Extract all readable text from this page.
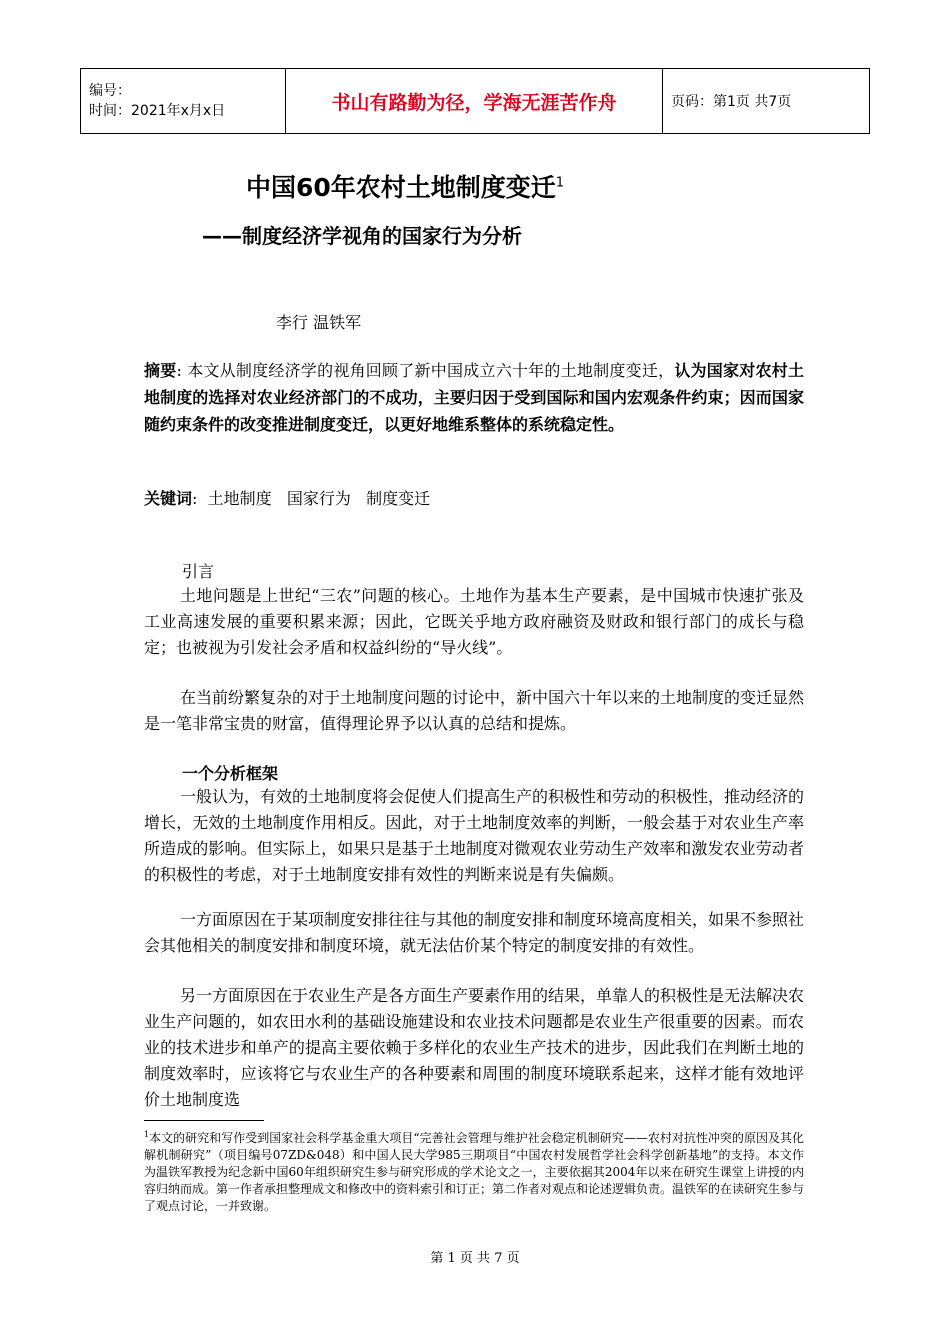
编号：
时间：2021年x月x日	书山有路勤为径，学海无涯苦作舟	页码：第1页 共7页
中国60年农村土地制度变迁$^1$
——制度经济学视角的国家行为分析
李行 温铁军
摘要: 本文从制度经济学的视角回顾了新中国成立六十年的土地制度变迁，认为国家对农村土地制度的选择对农业经济部门的不成功，主要归因于受到国际和国内宏观条件约束；因而国家随约束条件的改变推进制度变迁，以更好地维系整体的系统稳定性。
关键词:  土地制度   国家行为   制度变迁
引言
土地问题是上世纪“三农”问题的核心。土地作为基本生产要素，是中国城市快速扩张及工业高速发展的重要积累来源；因此，它既关乎地方政府融资及财政和银行部门的成长与稳定；也被视为引发社会矛盾和权益纠纷的“导火线”。
在当前纷繁复杂的对于土地制度问题的讨论中，新中国六十年以来的土地制度的变迁显然是一笔非常宝贵的财富，值得理论界予以认真的总结和提炼。
一个分析框架
一般认为，有效的土地制度将会促使人们提高生产的积极性和劳动的积极性，推动经济的增长，无效的土地制度作用相反。因此，对于土地制度效率的判断，一般会基于对农业生产率所造成的影响。但实际上，如果只是基于土地制度对微观农业劳动生产效率和激发农业劳动者的积极性的考虑，对于土地制度安排有效性的判断来说是有失偏颇。
一方面原因在于某项制度安排往往与其他的制度安排和制度环境高度相关，如果不参照社会其他相关的制度安排和制度环境，就无法估价某个特定的制度安排的有效性。
另一方面原因在于农业生产是各方面生产要素作用的结果，单靠人的积极性是无法解决农业生产问题的，如农田水利的基础设施建设和农业技术问题都是农业生产很重要的因素。而农业的技术进步和单产的提高主要依赖于多样化的农业生产技术的进步，因此我们在判断土地的制度效率时，应该将它与农业生产的各种要素和周围的制度环境联系起来，这样才能有效地评价土地制度选
$^1$本文的研究和写作受到国家社会科学基金重大项目“完善社会管理与维护社会稳定机制研究——农村对抗性冲突的原因及其化解机制研究”（项目编号07ZD&048）和中国人民大学985三期项目“中国农村发展哲学社会科学创新基地”的支持。本文作为温铁军教授为纪念新中国60年组织研究生参与研究形成的学术论文之一，主要依据其2004年以来在研究生课堂上讲授的内容归纳而成。第一作者承担整理成文和修改中的资料索引和订正；第二作者对观点和论述逻辑负责。温铁军的在读研究生参与了观点讨论，一并致谢。
第 1 页 共 7 页
